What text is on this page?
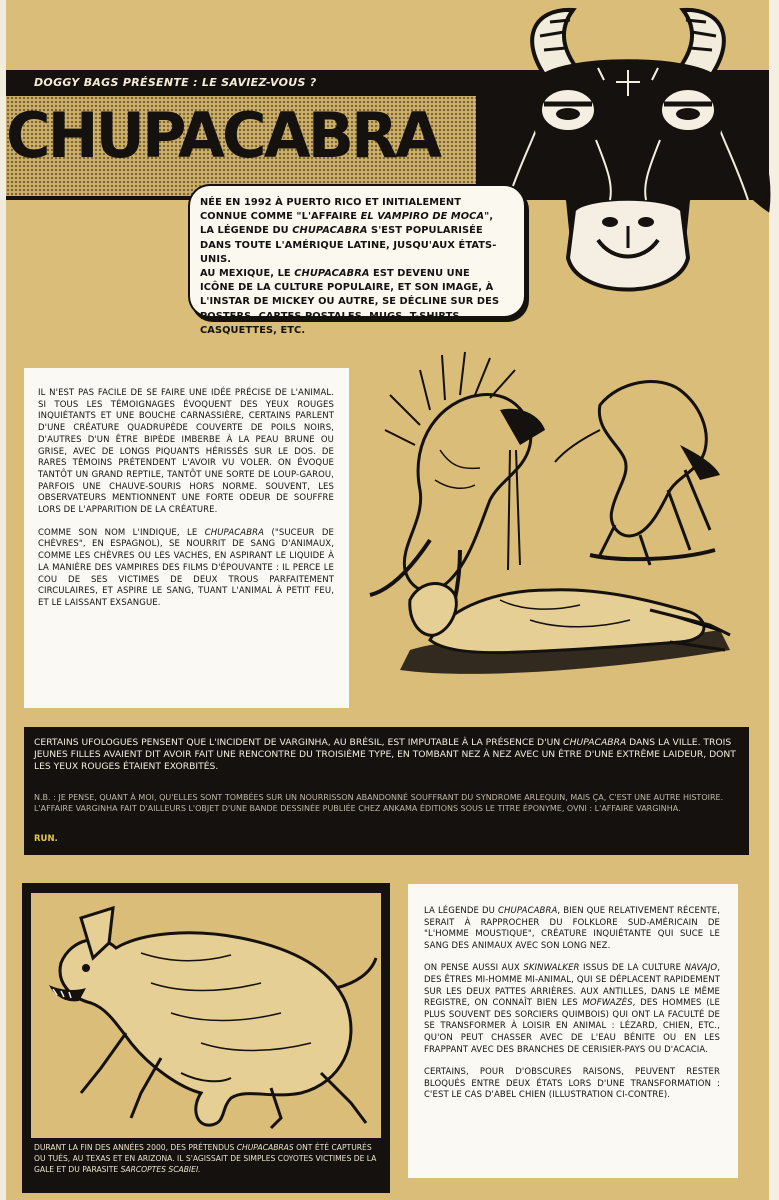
DOGGY BAGS PRÉSENTE : LE SAVIEZ-VOUS ?
CHUPACABRA

NÉE EN 1992 À PUERTO RICO ET INITIALEMENT CONNUE COMME "L'AFFAIRE EL VAMPIRO DE MOCA", LA LÉGENDE DU CHUPACABRA S'EST POPULARISÉE DANS TOUTE L'AMÉRIQUE LATINE, JUSQU'AUX ÉTATS-UNIS.

AU MEXIQUE, LE CHUPACABRA EST DEVENU UNE ICÔNE DE LA CULTURE POPULAIRE, ET SON IMAGE, À L'INSTAR DE MICKEY OU AUTRE, SE DÉCLINE SUR DES POSTERS, CARTES POSTALES, MUGS, T-SHIRTS, CASQUETTES, ETC.

IL N'EST PAS FACILE DE SE FAIRE UNE IDÉE PRÉCISE DE L'ANIMAL. SI TOUS LES TÉMOIGNAGES ÉVOQUENT DES YEUX ROUGES INQUIÉTANTS ET UNE BOUCHE CARNASSIÈRE, CERTAINS PARLENT D'UNE CRÉATURE QUADRUPÈDE COUVERTE DE POILS NOIRS, D'AUTRES D'UN ÊTRE BIPÈDE IMBERBE À LA PEAU BRUNE OU GRISE, AVEC DE LONGS PIQUANTS HÉRISSÉS SUR LE DOS. DE RARES TÉMOINS PRÉTENDENT L'AVOIR VU VOLER. ON ÉVOQUE TANTÔT UN GRAND REPTILE, TANTÔT UNE SORTE DE LOUP-GAROU, PARFOIS UNE CHAUVE-SOURIS HORS NORME. SOUVENT, LES OBSERVATEURS MENTIONNENT UNE FORTE ODEUR DE SOUFFRE LORS DE L'APPARITION DE LA CRÉATURE.

COMME SON NOM L'INDIQUE, LE CHUPACABRA ("SUCEUR DE CHÈVRES", EN ESPAGNOL), SE NOURRIT DE SANG D'ANIMAUX, COMME LES CHÈVRES OU LES VACHES, EN ASPIRANT LE LIQUIDE À LA MANIÈRE DES VAMPIRES DES FILMS D'ÉPOUVANTE : IL PERCE LE COU DE SES VICTIMES DE DEUX TROUS PARFAITEMENT CIRCULAIRES, ET ASPIRE LE SANG, TUANT L'ANIMAL À PETIT FEU, ET LE LAISSANT EXSANGUE.

CERTAINS UFOLOGUES PENSENT QUE L'INCIDENT DE VARGINHA, AU BRÉSIL, EST IMPUTABLE À LA PRÉSENCE D'UN CHUPACABRA DANS LA VILLE. TROIS JEUNES FILLES AVAIENT DIT AVOIR FAIT UNE RENCONTRE DU TROISIÈME TYPE, EN TOMBANT NEZ À NEZ AVEC UN ÊTRE D'UNE EXTRÊME LAIDEUR, DONT LES YEUX ROUGES ÉTAIENT EXORBITÉS.
N.B. : JE PENSE, QUANT À MOI, QU'ELLES SONT TOMBÉES SUR UN NOURRISSON ABANDONNÉ SOUFFRANT DU SYNDROME ARLEQUIN, MAIS ÇA, C'EST UNE AUTRE HISTOIRE. L'AFFAIRE VARGINHA FAIT D'AILLEURS L'OBJET D'UNE BANDE DESSINÉE PUBLIÉE CHEZ ANKAMA ÉDITIONS SOUS LE TITRE ÉPONYME, OVNI : L'AFFAIRE VARGINHA.
RUN.
DURANT LA FIN DES ANNÉES 2000, DES PRÉTENDUS CHUPACABRAS ONT ÉTÉ CAPTURÉS OU TUÉS, AU TEXAS ET EN ARIZONA. IL S'AGISSAIT DE SIMPLES COYOTES VICTIMES DE LA GALE ET DU PARASITE SARCOPTES SCABIEI.

LA LÉGENDE DU CHUPACABRA, BIEN QUE RELATIVEMENT RÉCENTE, SERAIT À RAPPROCHER DU FOLKLORE SUD-AMÉRICAIN DE "L'HOMME MOUSTIQUE", CRÉATURE INQUIÉTANTE QUI SUCE LE SANG DES ANIMAUX AVEC SON LONG NEZ.

ON PENSE AUSSI AUX SKINWALKER ISSUS DE LA CULTURE NAVAJO, DES ÊTRES MI-HOMME MI-ANIMAL, QUI SE DÉPLACENT RAPIDEMENT SUR LES DEUX PATTES ARRIÈRES. AUX ANTILLES, DANS LE MÊME REGISTRE, ON CONNAÎT BIEN LES MOFWAZÈS, DES HOMMES (LE PLUS SOUVENT DES SORCIERS QUIMBOIS) QUI ONT LA FACULTÉ DE SE TRANSFORMER À LOISIR EN ANIMAL : LÉZARD, CHIEN, ETC., QU'ON PEUT CHASSER AVEC DE L'EAU BÉNITE OU EN LES FRAPPANT AVEC DES BRANCHES DE CERISIER-PAYS OU D'ACACIA.

CERTAINS, POUR D'OBSCURES RAISONS, PEUVENT RESTER BLOQUÉS ENTRE DEUX ÉTATS LORS D'UNE TRANSFORMATION : C'EST LE CAS D'ABEL CHIEN (ILLUSTRATION CI-CONTRE).
